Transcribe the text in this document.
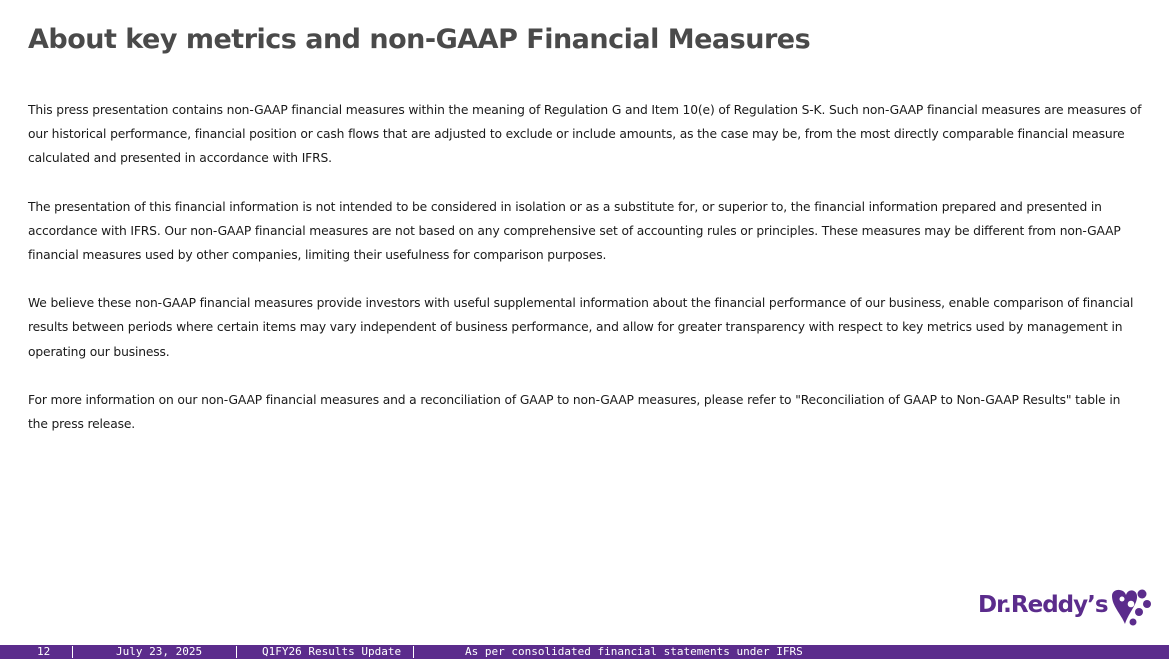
About key metrics and non-GAAP Financial Measures

This press presentation contains non-GAAP financial measures within the meaning of Regulation G and Item 10(e) of Regulation S-K. Such non-GAAP financial measures are measures of our historical performance, financial position or cash flows that are adjusted to exclude or include amounts, as the case may be, from the most directly comparable financial measure calculated and presented in accordance with IFRS.

The presentation of this financial information is not intended to be considered in isolation or as a substitute for, or superior to, the financial information prepared and presented in accordance with IFRS. Our non-GAAP financial measures are not based on any comprehensive set of accounting rules or principles. These measures may be different from non-GAAP financial measures used by other companies, limiting their usefulness for comparison purposes.

We believe these non-GAAP financial measures provide investors with useful supplemental information about the financial performance of our business, enable comparison of financial results between periods where certain items may vary independent of business performance, and allow for greater transparency with respect to key metrics used by management in operating our business.

For more information on our non-GAAP financial measures and a reconciliation of GAAP to non-GAAP measures, please refer to "Reconciliation of GAAP to Non-GAAP Results" table in the press release.

Dr.Reddy’s
12	July 23, 2025	Q1FY26 Results Update	As per consolidated financial statements under IFRS
